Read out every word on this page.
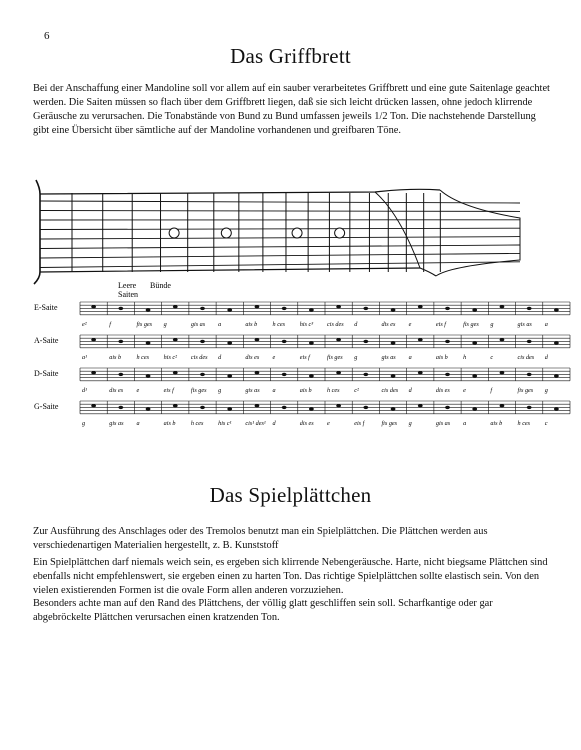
6
Das Griffbrett

Bei der Anschaffung einer Mandoline soll vor allem auf ein sauber verarbeitetes Griffbrett und eine gute Saitenlage geachtet werden. Die Saiten müssen so flach über dem Griffbrett liegen, daß sie sich leicht drücken lassen, ohne jedoch klirrende Geräusche zu verursachen. Die Tonabstände von Bund zu Bund umfassen jeweils 1/2 Ton. Die nachstehende Darstellung gibt eine Übersicht über sämtliche auf der Mandoline vorhandenen und greifbaren Töne.

Leere
Saiten
Bünde
E-Saite
e²	f	fis ges g	gis as a	ais b h ces his c³ cis des d	dis es e	eis f	fis ges g	gis as a
A-Saite
a¹	ais b h ces his c² cis des d	dis es e	eis f	fis ges g	gis as a	ais b h	c	cis des d
D-Saite
d¹	dis es e	eis f	fis ges g	gis as a	ais b h ces c²	cis des d	dis es e	f	fis ges g
G-Saite
g	gis as a	ais b h ces his c¹ cis¹ des¹ d	dis es e	eis f	fis ges g	gis as a	ais b h ces c
Das Spielplättchen

Zur Ausführung des Anschlages oder des Tremolos benutzt man ein Spielplättchen. Die Plättchen werden aus verschiedenartigen Materialien hergestellt, z. B. Kunststoff

Ein Spielplättchen darf niemals weich sein, es ergeben sich klirrende Nebengeräusche. Harte, nicht biegsame Plättchen sind ebenfalls nicht empfehlenswert, sie ergeben einen zu harten Ton. Das richtige Spielplättchen sollte elastisch sein. Von den vielen existierenden Formen ist die ovale Form allen anderen vorzuziehen.

Besonders achte man auf den Rand des Plättchens, der völlig glatt geschliffen sein soll. Scharfkantige oder gar abgebröckelte Plättchen verursachen einen kratzenden Ton.
